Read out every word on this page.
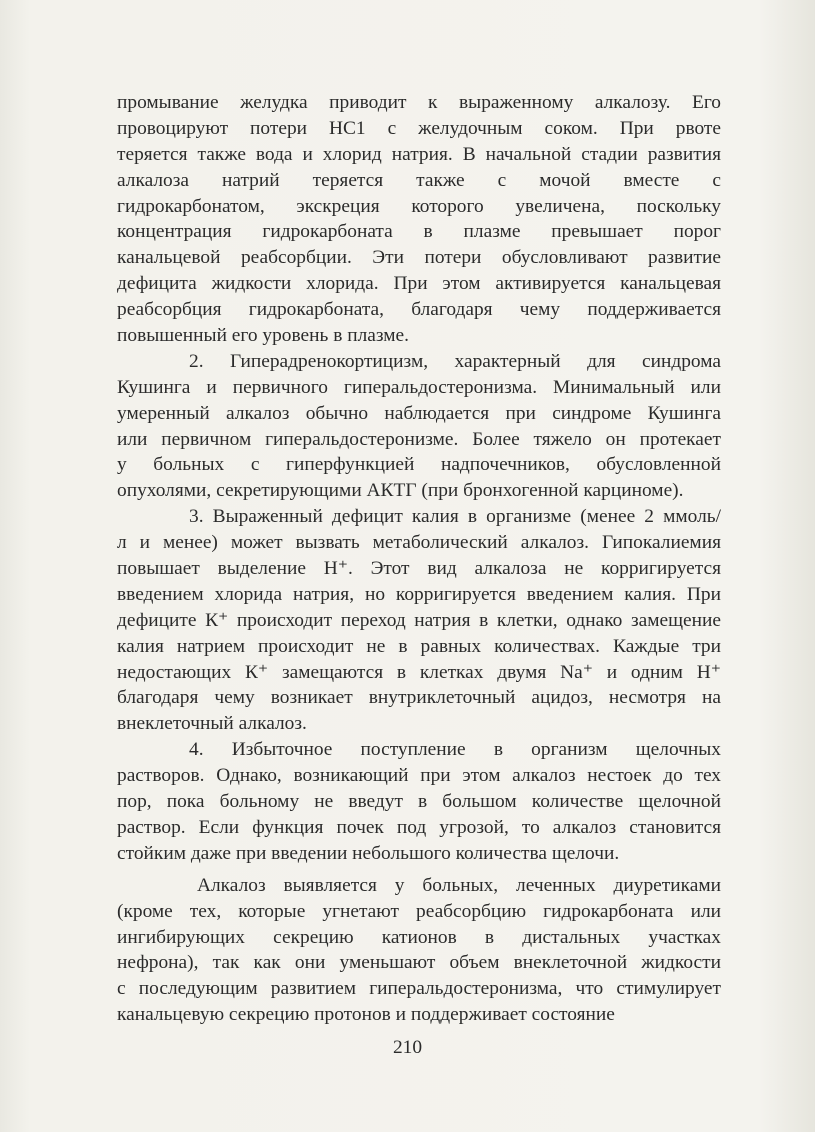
промывание желудка приводит к выраженному алкалозу. Его
провоцируют потери HC1 с желудочным соком. При рвоте
теряется также вода и хлорид натрия. В начальной стадии развития
алкалоза натрий теряется также с мочой вместе с
гидрокарбонатом, экскреция которого увеличена, поскольку
концентрация гидрокарбоната в плазме превышает порог
канальцевой реабсорбции. Эти потери обусловливают развитие
дефицита жидкости хлорида. При этом активируется канальцевая
реабсорбция гидрокарбоната, благодаря чему поддерживается
повышенный его уровень в плазме.
2. Гиперадренокортицизм, характерный для синдрома
Кушинга и первичного гиперальдостеронизма. Минимальный или
умеренный алкалоз обычно наблюдается при синдроме Кушинга
или первичном гиперальдостеронизме. Более тяжело он протекает
у больных с гиперфункцией надпочечников, обусловленной
опухолями, секретирующими АКТГ (при бронхогенной карциноме).
3. Выраженный дефицит калия в организме (менее 2 ммоль/
л и менее) может вызвать метаболический алкалоз. Гипокалиемия
повышает выделение Н⁺. Этот вид алкалоза не корригируется
введением хлорида натрия, но корригируется введением калия. При
дефиците К⁺ происходит переход натрия в клетки, однако замещение
калия натрием происходит не в равных количествах. Каждые три
недостающих К⁺ замещаются в клетках двумя Na⁺ и одним Н⁺
благодаря чему возникает внутриклеточный ацидоз, несмотря на
внеклеточный алкалоз.
4. Избыточное поступление в организм щелочных
растворов. Однако, возникающий при этом алкалоз нестоек до тех
пор, пока больному не введут в большом количестве щелочной
раствор. Если функция почек под угрозой, то алкалоз становится
стойким даже при введении небольшого количества щелочи.
Алкалоз выявляется у больных, леченных диуретиками
(кроме тех, которые угнетают реабсорбцию гидрокарбоната или
ингибирующих секрецию катионов в дистальных участках
нефрона), так как они уменьшают объем внеклеточной жидкости
с последующим развитием гиперальдостеронизма, что стимулирует
канальцевую секрецию протонов и поддерживает состояние
210
